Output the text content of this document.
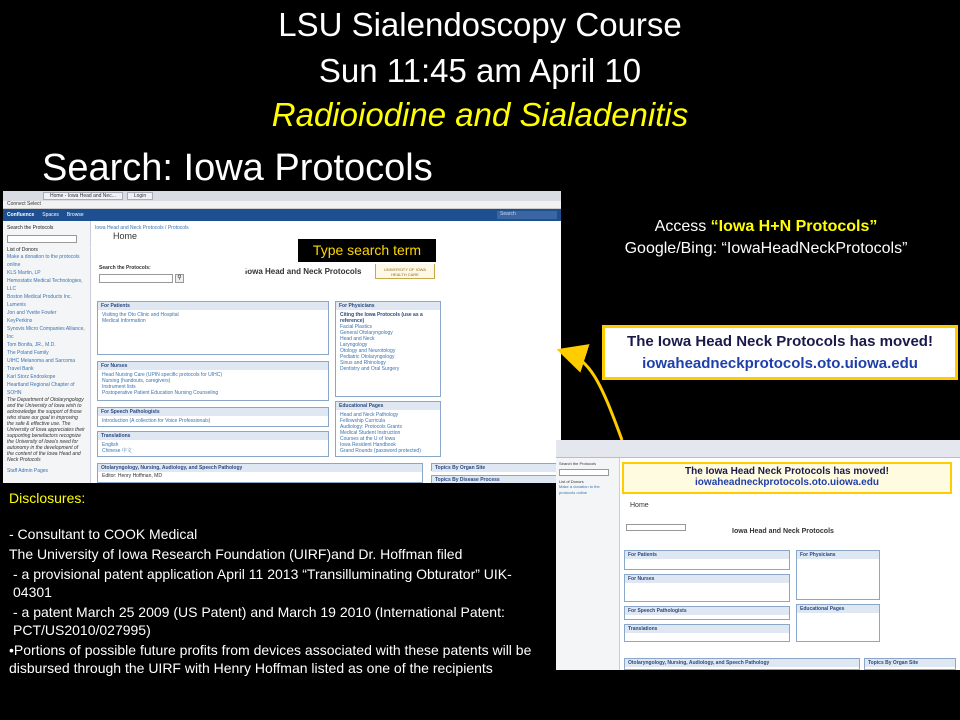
LSU Sialendoscopy Course
Sun 11:45 am April 10
Radioiodine and Sialadenitis
Search: Iowa Protocols
Home - Iowa Head and Nec...	Login
Connect Select
Confluence Spaces Browse	Search
Search the Protocols
List of Donors
Make a donation to the protocols online
KLS Martin, LP
Hemostatix Medical Technologies, LLC
Boston Medical Products Inc.
Lumenis
Jon and Yvette Fowler
KeyPerkins
Synovis Micro Companies Alliance, Inc
Tom Bonifa, JR., M.D.
The Poland Family
UIHC Melanoma and Sarcoma Travel Bank
Karl Storz Endoskope
Heartland Regional Chapter of SOHN
The Department of Otolaryngology and the University of Iowa wish to acknowledge the support of those who share our goal in improving the safe & effective use. The University of Iowa appreciates their supporting benefactors recognize the University of Iowa's need for autonomy in the development of the content of the Iowa Head and Neck Protocols
Staff Admin Pages
Iowa Head and Neck Protocols / Protocols
Home
Search the Protocols:
⚲
Iowa Head and Neck Protocols	UNIVERSITY OF IOWA
HEALTH CARE
For Patients
Visiting the Oto Clinic and Hospital
Medical Information
For Nurses
Head Nursing Care (UPIN specific protocols for UIHC)
Nursing (handouts, caregivers)
Instrument lists
Postoperative Patient Education Nursing Counseling
For Speech Pathologists
Introduction (A collection for Voice Professionals)
Translations
English
Chinese 中文
For Physicians
Citing the Iowa Protocols (use as a reference)
Facial Plastics
General Otolaryngology
Head and Neck
Laryngology
Otology and Neurotology
Pediatric Otolaryngology
Sinus and Rhinology
Dentistry and Oral Surgery
Educational Pages
Head and Neck Pathology
Fellowship Curricula
Audiology: Protocols Grants
Medical Student Instruction
Courses at the U of Iowa
Iowa Resident Handbook
Grand Rounds (password protected)
Otolaryngology, Nursing, Audiology, and Speech Pathology
Editor: Henry Hoffman, MD
Topics By Organ Site
Topics By Disease Process
Type search term
Access “Iowa H+N Protocols”
Google/Bing: “IowaHeadNeckProtocols”
The Iowa Head Neck Protocols has moved!
iowaheadneckprotocols.oto.uiowa.edu
Search the Protocols
List of Donors
Make a donation to the protocols online
The Iowa Head Neck Protocols has moved!
iowaheadneckprotocols.oto.uiowa.edu
Home
Iowa Head and Neck Protocols
For Patients
For Nurses
For Speech Pathologists
Translations
For Physicians
Educational Pages
Otolaryngology, Nursing, Audiology, and Speech Pathology	Topics By Organ Site
Disclosures:

- Consultant to COOK Medical

The University of Iowa Research Foundation (UIRF)and Dr. Hoffman filed

- a provisional patent application April 11 2013 “Transilluminating Obturator” UIK-04301

- a patent March 25 2009 (US Patent) and March 19 2010 (International Patent: PCT/US2010/027995)

•Portions of possible future profits from devices associated with these patents will be disbursed through the UIRF with Henry Hoffman listed as one of the recipients
